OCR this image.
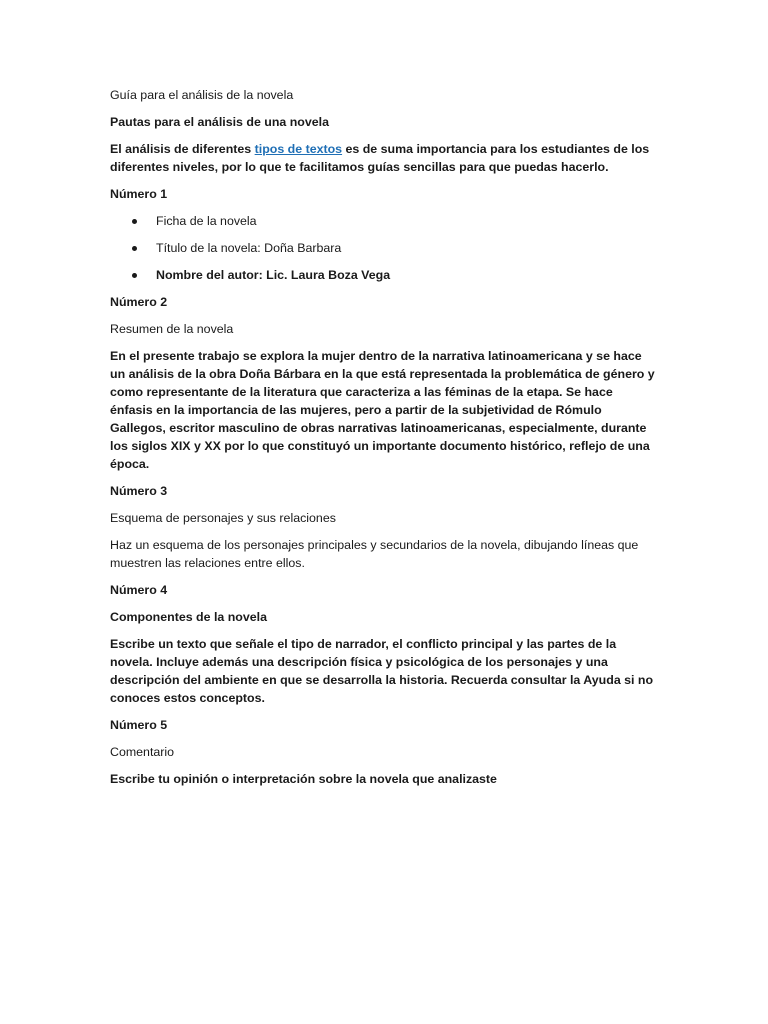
Guía para el análisis de la novela

Pautas para el análisis de una novela

El análisis de diferentes tipos de textos es de suma importancia para los estudiantes de los diferentes niveles, por lo que te facilitamos guías sencillas para que puedas hacerlo.

Número 1

Ficha de la novela
Título de la novela: Doña Barbara
Nombre del autor: Lic. Laura Boza Vega

Número 2

Resumen de la novela

En el presente trabajo se explora la mujer dentro de la narrativa latinoamericana y se hace un análisis de la obra Doña Bárbara en la que está representada la problemática de género y como representante de la literatura que caracteriza a las féminas de la etapa. Se hace énfasis en la importancia de las mujeres, pero a partir de la subjetividad de Rómulo Gallegos, escritor masculino de obras narrativas latinoamericanas, especialmente, durante los siglos XIX y XX por lo que constituyó un importante documento histórico, reflejo de una época.

Número 3

Esquema de personajes y sus relaciones

Haz un esquema de los personajes principales y secundarios de la novela, dibujando líneas que muestren las relaciones entre ellos.

Número 4

Componentes de la novela

Escribe un texto que señale el tipo de narrador, el conflicto principal y las partes de la novela. Incluye además una descripción física y psicológica de los personajes y una descripción del ambiente en que se desarrolla la historia. Recuerda consultar la Ayuda si no conoces estos conceptos.

Número 5

Comentario

Escribe tu opinión o interpretación sobre la novela que analizaste
